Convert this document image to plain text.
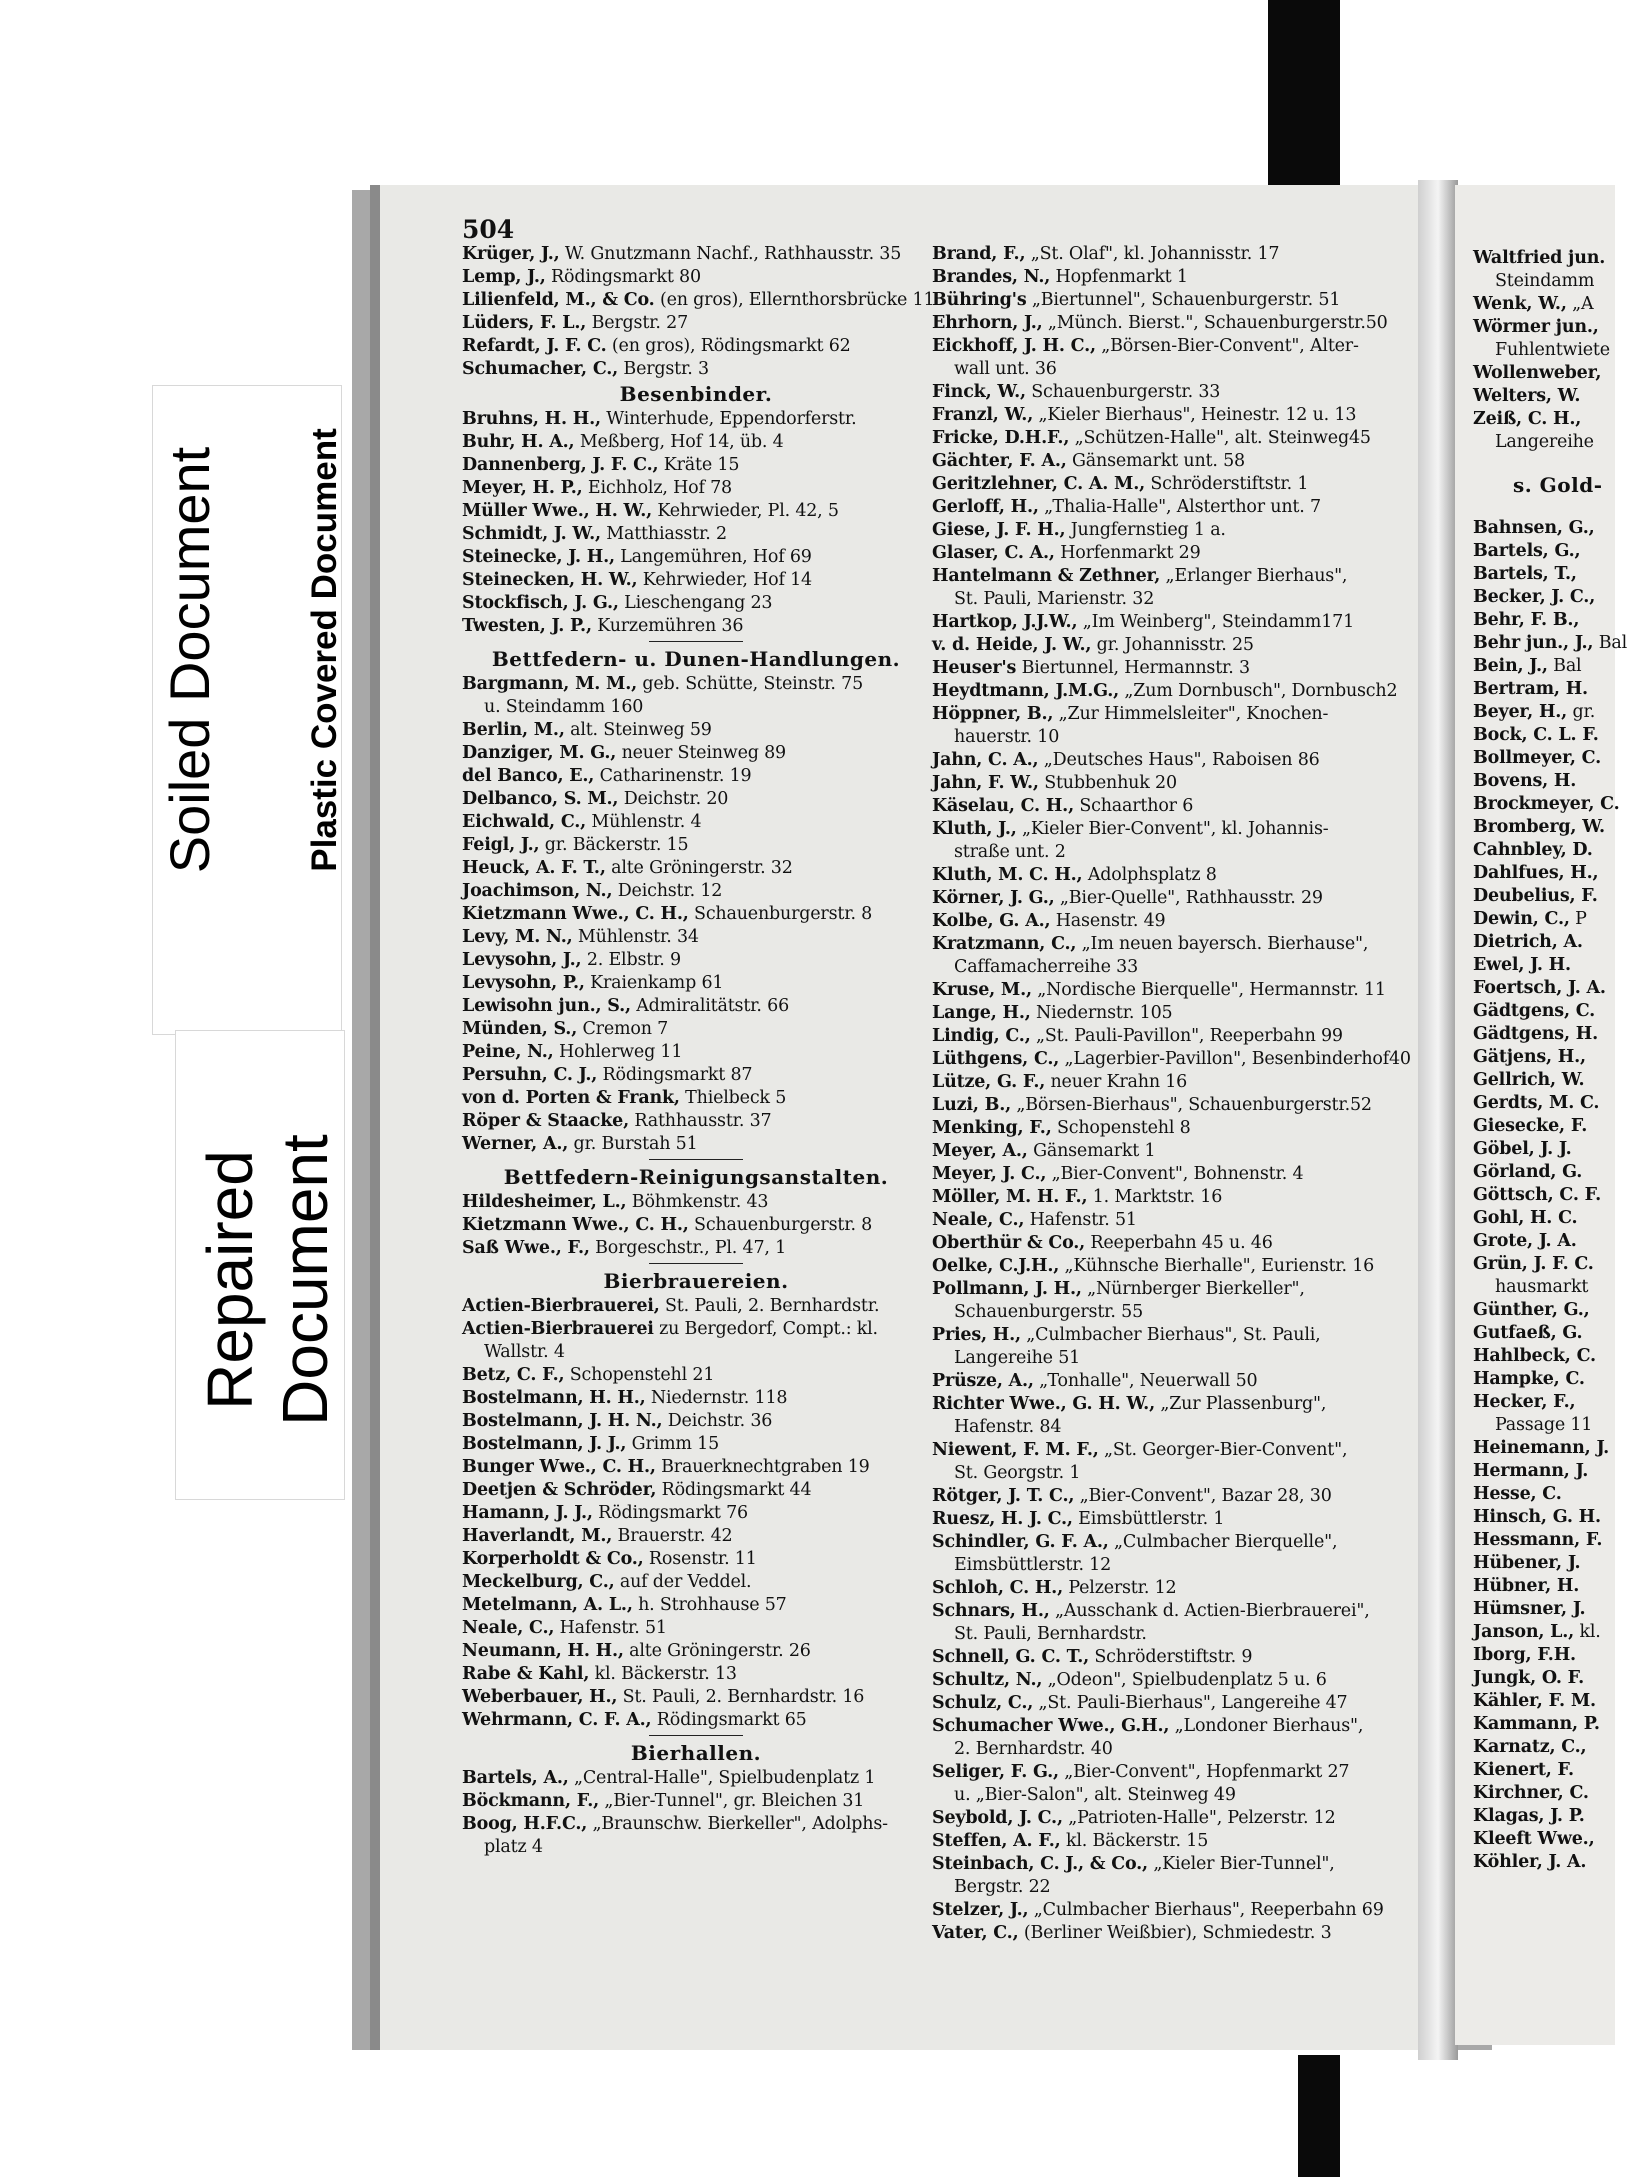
Soiled Document Plastic Covered Document
Repaired Document
504
Krüger, J., W. Gnutzmann Nachf., Rathhausstr. 35
Lemp, J., Rödingsmarkt 80
Lilienfeld, M., & Co. (en gros), Ellernthorsbrücke 11
Lüders, F. L., Bergstr. 27
Refardt, J. F. C. (en gros), Rödingsmarkt 62
Schumacher, C., Bergstr. 3
Besenbinder.
Bruhns, H. H., Winterhude, Eppendorferstr.
Buhr, H. A., Meßberg, Hof 14, üb. 4
Dannenberg, J. F. C., Kräte 15
Meyer, H. P., Eichholz, Hof 78
Müller Wwe., H. W., Kehrwieder, Pl. 42, 5
Schmidt, J. W., Matthiasstr. 2
Steinecke, J. H., Langemühren, Hof 69
Steinecken, H. W., Kehrwieder, Hof 14
Stockfisch, J. G., Lieschengang 23
Twesten, J. P., Kurzemühren 36
Bettfedern- u. Dunen-Handlungen.
Bargmann, M. M., geb. Schütte, Steinstr. 75
u. Steindamm 160
Berlin, M., alt. Steinweg 59
Danziger, M. G., neuer Steinweg 89
del Banco, E., Catharinenstr. 19
Delbanco, S. M., Deichstr. 20
Eichwald, C., Mühlenstr. 4
Feigl, J., gr. Bäckerstr. 15
Heuck, A. F. T., alte Gröningerstr. 32
Joachimson, N., Deichstr. 12
Kietzmann Wwe., C. H., Schauenburgerstr. 8
Levy, M. N., Mühlenstr. 34
Levysohn, J., 2. Elbstr. 9
Levysohn, P., Kraienkamp 61
Lewisohn jun., S., Admiralitätstr. 66
Münden, S., Cremon 7
Peine, N., Hohlerweg 11
Persuhn, C. J., Rödingsmarkt 87
von d. Porten & Frank, Thielbeck 5
Röper & Staacke, Rathhausstr. 37
Werner, A., gr. Burstah 51
Bettfedern-Reinigungsanstalten.
Hildesheimer, L., Böhmkenstr. 43
Kietzmann Wwe., C. H., Schauenburgerstr. 8
Saß Wwe., F., Borgeschstr., Pl. 47, 1
Bierbrauereien.
Actien-Bierbrauerei, St. Pauli, 2. Bernhardstr.
Actien-Bierbrauerei zu Bergedorf, Compt.: kl.
Wallstr. 4
Betz, C. F., Schopenstehl 21
Bostelmann, H. H., Niedernstr. 118
Bostelmann, J. H. N., Deichstr. 36
Bostelmann, J. J., Grimm 15
Bunger Wwe., C. H., Brauerknechtgraben 19
Deetjen & Schröder, Rödingsmarkt 44
Hamann, J. J., Rödingsmarkt 76
Haverlandt, M., Brauerstr. 42
Korperholdt & Co., Rosenstr. 11
Meckelburg, C., auf der Veddel.
Metelmann, A. L., h. Strohhause 57
Neale, C., Hafenstr. 51
Neumann, H. H., alte Gröningerstr. 26
Rabe & Kahl, kl. Bäckerstr. 13
Weberbauer, H., St. Pauli, 2. Bernhardstr. 16
Wehrmann, C. F. A., Rödingsmarkt 65
Bierhallen.
Bartels, A., „Central-Halle", Spielbudenplatz 1
Böckmann, F., „Bier-Tunnel", gr. Bleichen 31
Boog, H.F.C., „Braunschw. Bierkeller", Adolphs-
platz 4
Brand, F., „St. Olaf", kl. Johannisstr. 17
Brandes, N., Hopfenmarkt 1
Bühring's „Biertunnel", Schauenburgerstr. 51
Ehrhorn, J., „Münch. Bierst.", Schauenburgerstr.50
Eickhoff, J. H. C., „Börsen-Bier-Convent", Alter-
wall unt. 36
Finck, W., Schauenburgerstr. 33
Franzl, W., „Kieler Bierhaus", Heinestr. 12 u. 13
Fricke, D.H.F., „Schützen-Halle", alt. Steinweg45
Gächter, F. A., Gänsemarkt unt. 58
Geritzlehner, C. A. M., Schröderstiftstr. 1
Gerloff, H., „Thalia-Halle", Alsterthor unt. 7
Giese, J. F. H., Jungfernstieg 1 a.
Glaser, C. A., Horfenmarkt 29
Hantelmann & Zethner, „Erlanger Bierhaus",
St. Pauli, Marienstr. 32
Hartkop, J.J.W., „Im Weinberg", Steindamm171
v. d. Heide, J. W., gr. Johannisstr. 25
Heuser's Biertunnel, Hermannstr. 3
Heydtmann, J.M.G., „Zum Dornbusch", Dornbusch2
Höppner, B., „Zur Himmelsleiter", Knochen-
hauerstr. 10
Jahn, C. A., „Deutsches Haus", Raboisen 86
Jahn, F. W., Stubbenhuk 20
Käselau, C. H., Schaarthor 6
Kluth, J., „Kieler Bier-Convent", kl. Johannis-
straße unt. 2
Kluth, M. C. H., Adolphsplatz 8
Körner, J. G., „Bier-Quelle", Rathhausstr. 29
Kolbe, G. A., Hasenstr. 49
Kratzmann, C., „Im neuen bayersch. Bierhause",
Caffamacherreihe 33
Kruse, M., „Nordische Bierquelle", Hermannstr. 11
Lange, H., Niedernstr. 105
Lindig, C., „St. Pauli-Pavillon", Reeperbahn 99
Lüthgens, C., „Lagerbier-Pavillon", Besenbinderhof40
Lütze, G. F., neuer Krahn 16
Luzi, B., „Börsen-Bierhaus", Schauenburgerstr.52
Menking, F., Schopenstehl 8
Meyer, A., Gänsemarkt 1
Meyer, J. C., „Bier-Convent", Bohnenstr. 4
Möller, M. H. F., 1. Marktstr. 16
Neale, C., Hafenstr. 51
Oberthür & Co., Reeperbahn 45 u. 46
Oelke, C.J.H., „Kühnsche Bierhalle", Eurienstr. 16
Pollmann, J. H., „Nürnberger Bierkeller",
Schauenburgerstr. 55
Pries, H., „Culmbacher Bierhaus", St. Pauli,
Langereihe 51
Prüsze, A., „Tonhalle", Neuerwall 50
Richter Wwe., G. H. W., „Zur Plassenburg",
Hafenstr. 84
Niewent, F. M. F., „St. Georger-Bier-Convent",
St. Georgstr. 1
Rötger, J. T. C., „Bier-Convent", Bazar 28, 30
Ruesz, H. J. C., Eimsbüttlerstr. 1
Schindler, G. F. A., „Culmbacher Bierquelle",
Eimsbüttlerstr. 12
Schloh, C. H., Pelzerstr. 12
Schnars, H., „Ausschank d. Actien-Bierbrauerei",
St. Pauli, Bernhardstr.
Schnell, G. C. T., Schröderstiftstr. 9
Schultz, N., „Odeon", Spielbudenplatz 5 u. 6
Schulz, C., „St. Pauli-Bierhaus", Langereihe 47
Schumacher Wwe., G.H., „Londoner Bierhaus",
2. Bernhardstr. 40
Seliger, F. G., „Bier-Convent", Hopfenmarkt 27
u. „Bier-Salon", alt. Steinweg 49
Seybold, J. C., „Patrioten-Halle", Pelzerstr. 12
Steffen, A. F., kl. Bäckerstr. 15
Steinbach, C. J., & Co., „Kieler Bier-Tunnel",
Bergstr. 22
Stelzer, J., „Culmbacher Bierhaus", Reeperbahn 69
Vater, C., (Berliner Weißbier), Schmiedestr. 3
Waltfried jun.
Steindamm
Wenk, W., „A
Wörmer jun.,
Fuhlentwiete
Wollenweber,
Welters, W.
Zeiß, C. H.,
Langereihe
s. Gold-
Bahnsen, G.,
Bartels, G.,
Bartels, T.,
Becker, J. C.,
Behr, F. B.,
Behr jun., J., Bal
Bein, J., Bal
Bertram, H.
Beyer, H., gr.
Bock, C. L. F.
Bollmeyer, C.
Bovens, H.
Brockmeyer, C.
Bromberg, W.
Cahnbley, D.
Dahlfues, H.,
Deubelius, F.
Dewin, C., P
Dietrich, A.
Ewel, J. H.
Foertsch, J. A.
Gädtgens, C.
Gädtgens, H.
Gätjens, H.,
Gellrich, W.
Gerdts, M. C.
Giesecke, F.
Göbel, J. J.
Görland, G.
Göttsch, C. F.
Gohl, H. C.
Grote, J. A.
Grün, J. F. C.
hausmarkt
Günther, G.,
Gutfaeß, G.
Hahlbeck, C.
Hampke, C.
Hecker, F.,
Passage 11
Heinemann, J.
Hermann, J.
Hesse, C.
Hinsch, G. H.
Hessmann, F.
Hübener, J.
Hübner, H.
Hümsner, J.
Janson, L., kl.
Iborg, F.H.
Jungk, O. F.
Kähler, F. M.
Kammann, P.
Karnatz, C.,
Kienert, F.
Kirchner, C.
Klagas, J. P.
Kleeft Wwe.,
Köhler, J. A.
